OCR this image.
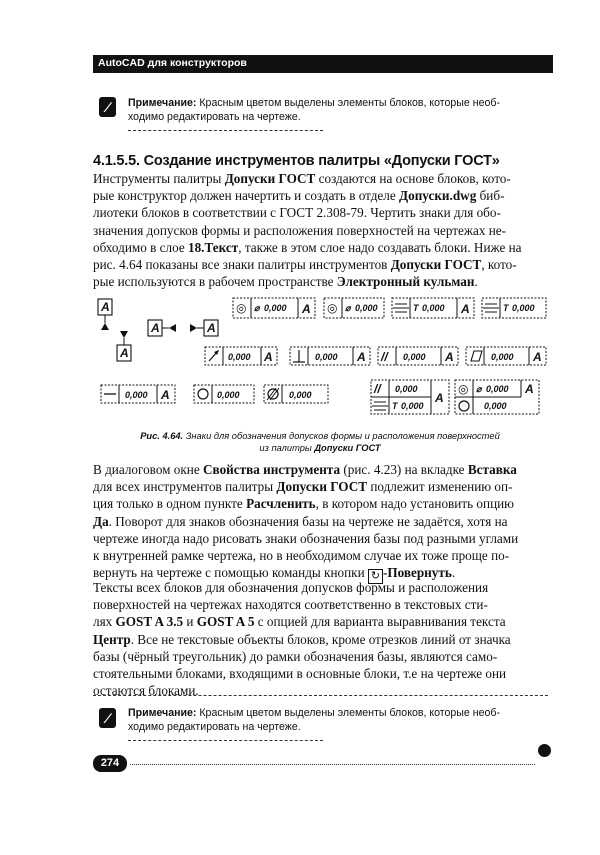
AutoCAD для конструкторов
∕	Примечание: Красным цветом выделены элементы блоков, которые необ-
ходимо редактировать на чертеже.
4.1.5.5. Создание инструментов палитры «Допуски ГОСТ»
Инструменты палитры Допуски ГОСТ создаются на основе блоков, кото-
рые конструктор должен начертить и создать в отделе Допуски.dwg биб-
лиотеки блоков в соответствии с ГОСТ 2.308-79. Чертить знаки для обо-
значения допусков формы и расположения поверхностей на чертежах не-
обходимо в слое 18.Текст, также в этом слое надо создавать блоки. Ниже на
рис. 4.64 показаны все знаки палитры инструментов Допуски ГОСТ, кото-
рые используются в рабочем пространстве Электронный кульман.
A
A
A	A
◎ ⌀ 0,000 A ◎ ⌀ 0,000	T 0,000 A	T 0,000
0,000 A	0,000 A // 0,000 A	0,000 A
0,000 A	0,000	0,000	// 0,000
T 0,000
A
◎ ⌀ 0,000 A
0,000
Рис. 4.64. Знаки для обозначения допусков формы и расположения поверхностей
из палитры Допуски ГОСТ
В диалоговом окне Свойства инструмента (рис. 4.23) на вкладке Вставка
для всех инструментов палитры Допуски ГОСТ подлежит изменению оп-
ция только в одном пункте Расчленить, в котором надо установить опцию
Да. Поворот для знаков обозначения базы на чертеже не задаётся, хотя на
чертеже иногда надо рисовать знаки обозначения базы под разными углами
к внутренней рамке чертежа, но в необходимом случае их тоже проще по-
вернуть на чертеже с помощью команды кнопки ↻ -Повернуть.
Тексты всех блоков для обозначения допусков формы и расположения
поверхностей на чертежах находятся соответственно в текстовых сти-
лях GOST A 3.5 и GOST A 5 с опцией для варианта выравнивания текста
Центр. Все не текстовые объекты блоков, кроме отрезков линий от значка
базы (чёрный треугольник) до рамки обозначения базы, являются само-
стоятельными блоками, входящими в основные блоки, т.е на чертеже они
остаются блоками.
∕	Примечание: Красным цветом выделены элементы блоков, которые необ-
ходимо редактировать на чертеже.
274
